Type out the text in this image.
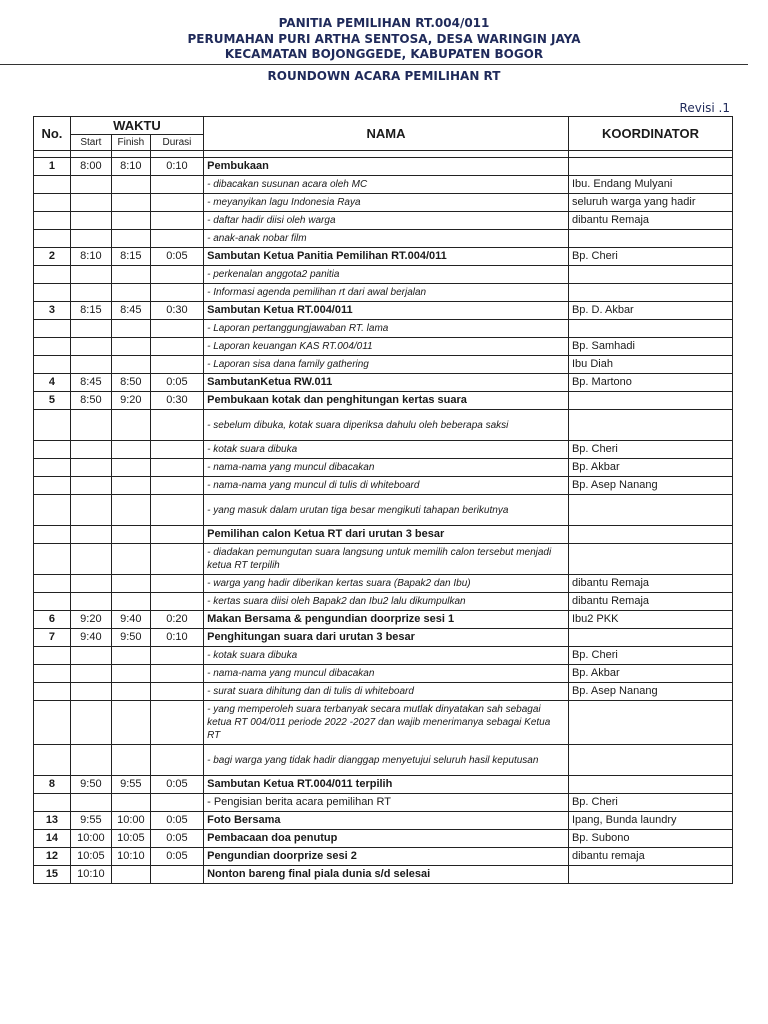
PANITIA PEMILIHAN RT.004/011
PERUMAHAN PURI ARTHA SENTOSA, DESA WARINGIN JAYA
KECAMATAN BOJONGGEDE, KABUPATEN BOGOR
ROUNDOWN ACARA PEMILIHAN RT
Revisi .1
No.	WAKTU			NAMA	KOORDINATOR
	Start	Finish	Durasi		

1	8:00	8:10	0:10	Pembukaan	
				- dibacakan susunan acara oleh MC	Ibu. Endang Mulyani
				- meyanyikan lagu Indonesia Raya	seluruh warga yang hadir
				- daftar hadir diisi oleh warga	dibantu Remaja
				- anak-anak nobar film	
2	8:10	8:15	0:05	Sambutan Ketua Panitia Pemilihan RT.004/011	Bp. Cheri
				- perkenalan anggota2 panitia	
				- Informasi agenda pemilihan rt dari awal berjalan	
3	8:15	8:45	0:30	Sambutan Ketua RT.004/011	Bp. D. Akbar
				- Laporan pertanggungjawaban RT. lama	
				- Laporan keuangan KAS RT.004/011	Bp. Samhadi
				- Laporan sisa dana family gathering	Ibu Diah
4	8:45	8:50	0:05	SambutanKetua RW.011	Bp. Martono
5	8:50	9:20	0:30	Pembukaan kotak dan penghitungan kertas suara	
				- sebelum dibuka, kotak suara diperiksa dahulu oleh beberapa saksi	
				- kotak suara dibuka	Bp. Cheri
				- nama-nama yang muncul dibacakan	Bp. Akbar
				- nama-nama yang muncul di tulis di whiteboard	Bp. Asep Nanang
				- yang masuk dalam urutan tiga besar mengikuti tahapan berikutnya	
				Pemilihan calon Ketua RT dari urutan 3 besar	
				- diadakan pemungutan suara langsung untuk memilih calon tersebut menjadi ketua RT terpilih	
				- warga yang hadir diberikan kertas suara (Bapak2 dan Ibu)	dibantu Remaja
				- kertas suara diisi oleh Bapak2 dan Ibu2 lalu dikumpulkan	dibantu Remaja
6	9:20	9:40	0:20	Makan Bersama & pengundian doorprize sesi 1	Ibu2 PKK
7	9:40	9:50	0:10	Penghitungan suara dari urutan 3 besar	
				- kotak suara dibuka	Bp. Cheri
				- nama-nama yang muncul dibacakan	Bp. Akbar
				- surat suara dihitung dan di tulis di whiteboard	Bp. Asep Nanang
				- yang memperoleh suara terbanyak secara mutlak dinyatakan sah sebagai ketua RT 004/011 periode 2022 -2027 dan wajib menerimanya sebagai Ketua RT	
				- bagi warga yang tidak hadir dianggap menyetujui seluruh hasil keputusan	
8	9:50	9:55	0:05	Sambutan Ketua RT.004/011 terpilih	
				- Pengisian berita acara pemilihan RT	Bp. Cheri
13	9:55	10:00	0:05	Foto Bersama	Ipang, Bunda laundry
14	10:00	10:05	0:05	Pembacaan doa penutup	Bp. Subono
12	10:05	10:10	0:05	Pengundian doorprize sesi 2	dibantu remaja
15	10:10			Nonton bareng final piala dunia s/d selesai	
